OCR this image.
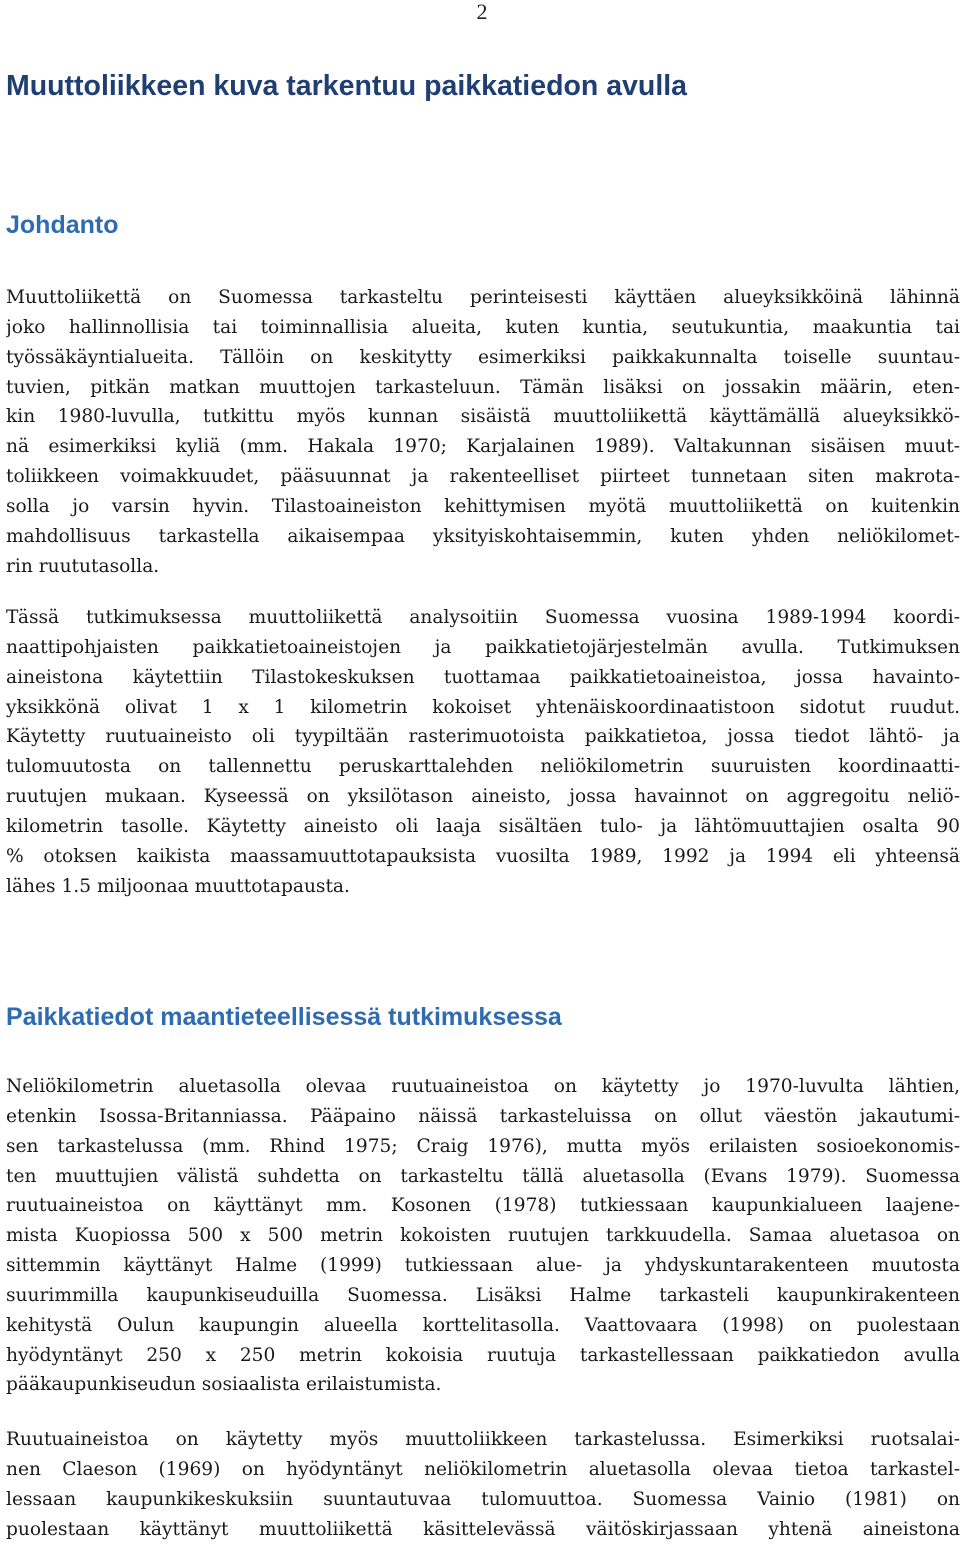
2
Muuttoliikkeen kuva tarkentuu paikkatiedon avulla
Johdanto
Muuttoliikettä on Suomessa tarkasteltu perinteisesti käyttäen alueyksikköinä lähinnä
joko hallinnollisia tai toiminnallisia alueita, kuten kuntia, seutukuntia, maakuntia tai
työssäkäyntialueita. Tällöin on keskitytty esimerkiksi paikkakunnalta toiselle suuntau-
tuvien, pitkän matkan muuttojen tarkasteluun. Tämän lisäksi on jossakin määrin, eten-
kin 1980-luvulla, tutkittu myös kunnan sisäistä muuttoliikettä käyttämällä alueyksikkö-
nä esimerkiksi kyliä (mm. Hakala 1970; Karjalainen 1989). Valtakunnan sisäisen muut-
toliikkeen voimakkuudet, pääsuunnat ja rakenteelliset piirteet tunnetaan siten makrota-
solla jo varsin hyvin. Tilastoaineiston kehittymisen myötä muuttoliikettä on kuitenkin
mahdollisuus tarkastella aikaisempaa yksityiskohtaisemmin, kuten yhden neliökilomet-
rin ruututasolla.
Tässä tutkimuksessa muuttoliikettä analysoitiin Suomessa vuosina 1989-1994 koordi-
naattipohjaisten paikkatietoaineistojen ja paikkatietojärjestelmän avulla. Tutkimuksen
aineistona käytettiin Tilastokeskuksen tuottamaa paikkatietoaineistoa, jossa havainto-
yksikkönä olivat 1 x 1 kilometrin kokoiset yhtenäiskoordinaatistoon sidotut ruudut.
Käytetty ruutuaineisto oli tyypiltään rasterimuotoista paikkatietoa, jossa tiedot lähtö- ja
tulomuutosta on tallennettu peruskarttalehden neliökilometrin suuruisten koordinaatti-
ruutujen mukaan. Kyseessä on yksilötason aineisto, jossa havainnot on aggregoitu neliö-
kilometrin tasolle. Käytetty aineisto oli laaja sisältäen tulo- ja lähtömuuttajien osalta 90
% otoksen kaikista maassamuuttotapauksista vuosilta 1989, 1992 ja 1994 eli yhteensä
lähes 1.5 miljoonaa muuttotapausta.
Paikkatiedot maantieteellisessä tutkimuksessa
Neliökilometrin aluetasolla olevaa ruutuaineistoa on käytetty jo 1970-luvulta lähtien,
etenkin Isossa-Britanniassa. Pääpaino näissä tarkasteluissa on ollut väestön jakautumi-
sen tarkastelussa (mm. Rhind 1975; Craig 1976), mutta myös erilaisten sosioekonomis-
ten muuttujien välistä suhdetta on tarkasteltu tällä aluetasolla (Evans 1979). Suomessa
ruutuaineistoa on käyttänyt mm. Kosonen (1978) tutkiessaan kaupunkialueen laajene-
mista Kuopiossa 500 x 500 metrin kokoisten ruutujen tarkkuudella. Samaa aluetasoa on
sittemmin käyttänyt Halme (1999) tutkiessaan alue- ja yhdyskuntarakenteen muutosta
suurimmilla kaupunkiseuduilla Suomessa. Lisäksi Halme tarkasteli kaupunkirakenteen
kehitystä Oulun kaupungin alueella korttelitasolla. Vaattovaara (1998) on puolestaan
hyödyntänyt 250 x 250 metrin kokoisia ruutuja tarkastellessaan paikkatiedon avulla
pääkaupunkiseudun sosiaalista erilaistumista.
Ruutuaineistoa on käytetty myös muuttoliikkeen tarkastelussa. Esimerkiksi ruotsalai-
nen Claeson (1969) on hyödyntänyt neliökilometrin aluetasolla olevaa tietoa tarkastel-
lessaan kaupunkikeskuksiin suuntautuvaa tulomuuttoa. Suomessa Vainio (1981) on
puolestaan käyttänyt muuttoliikettä käsittelevässä väitöskirjassaan yhtenä aineistona
